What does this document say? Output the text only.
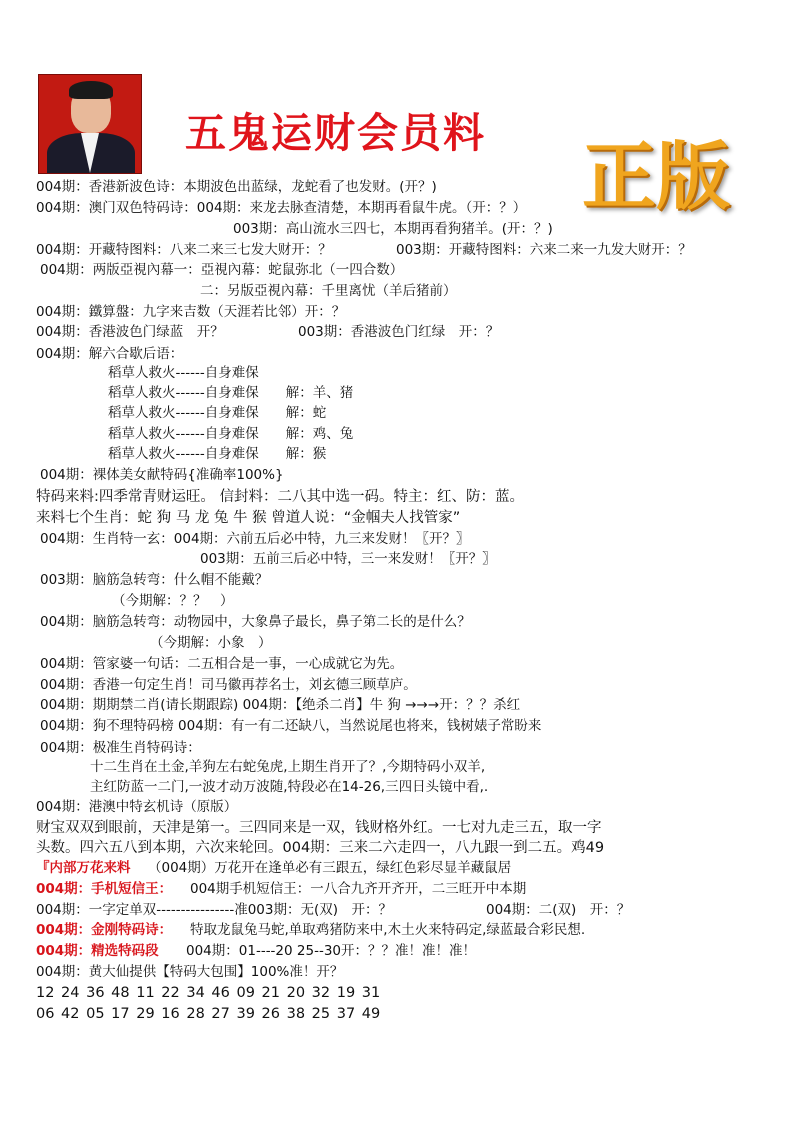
五鬼运财会员料
正版
004期：香港新波色诗：本期波色出蓝绿，龙蛇看了也发财。(开？)
004期：澳门双色特码诗：004期：来龙去脉查清楚，本期再看鼠牛虎。（开：？）
003期：高山流水三四七，本期再看狗猪羊。(开：？)
004期：开藏特图料：八来二来三七发大财开：？	003期：开藏特图料：六来二来一九发大财开：？
004期：两版亞視內幕一：亞視內幕：蛇鼠弥北（一四合数）
二：另版亞視內幕：千里离忧（羊后猪前）
004期：鐵算盤：九字来吉数（天涯若比邻）开：？
004期：香港波色门绿蓝　开？	003期：香港波色门红绿　开：？
004期：解六合歇后语：
稻草人救火------自身难保
稻草人救火------自身难保　　解：羊、猪
稻草人救火------自身难保　　解：蛇
稻草人救火------自身难保　　解：鸡、兔
稻草人救火------自身难保　　解：猴
004期：裸体美女献特码{准确率100%}
特码来料:四季常青财运旺。 信封料：二八其中选一码。特主：红、防：蓝。
来料七个生肖：蛇 狗 马 龙 兔 牛 猴 曾道人说：“金帼夫人找管家”
004期：生肖特一玄：004期：六前五后必中特，九三来发财！〖开？〗
003期：五前三后必中特，三一来发财！〖开？〗
003期：脑筋急转弯：什么帽不能戴？
（今期解：？？　）
004期：脑筋急转弯：动物园中，大象鼻子最长，鼻子第二长的是什么？
（今期解：小象　）
004期：管家婆一句话：二五相合是一事，一心成就它为先。
004期：香港一句定生肖！司马徽再荐名士，刘玄德三顾草庐。
004期：期期禁二肖(请长期跟踪) 004期：【绝杀二肖】牛 狗 →→→开：？？杀红
004期：狗不理特码榜 004期：有一有二还缺八，当然说尾也将来，钱树婊子常盼来
004期：极准生肖特码诗：
十二生肖在土金,羊狗左右蛇兔虎,上期生肖开了？,今期特码小双羊,
主红防蓝一二门,一波才动万波随,特段必在14-26,三四日头镜中看,.
004期：港澳中特玄机诗（原版）
财宝双双到眼前，天津是第一。三四同来是一双，钱财格外红。一七对九走三五，取一字
头数。四六五八到本期，六次来轮回。004期：三来二六走四一，八九跟一到二五。鸡49
『内部万花来料 （004期）万花开在逢单必有三跟五，绿红色彩尽显羊藏鼠居
004期：手机短信王： 004期手机短信王：一八合九齐开齐开，二三旺开中本期
004期：一字定单双----------------准003期：无(双)　开：？	004期：二(双)　开：？
004期：金刚特码诗： 特取龙鼠兔马蛇,单取鸡猪防来中,木土火来特码定,绿蓝最合彩民想.
004期：精选特码段 004期：01----20 25--30开：？？准！准！准！
004期：黄大仙提供【特码大包围】100%准！开？
12 24 36 48 11 22 34 46 09 21 20 32 19 31
06 42 05 17 29 16 28 27 39 26 38 25 37 49
